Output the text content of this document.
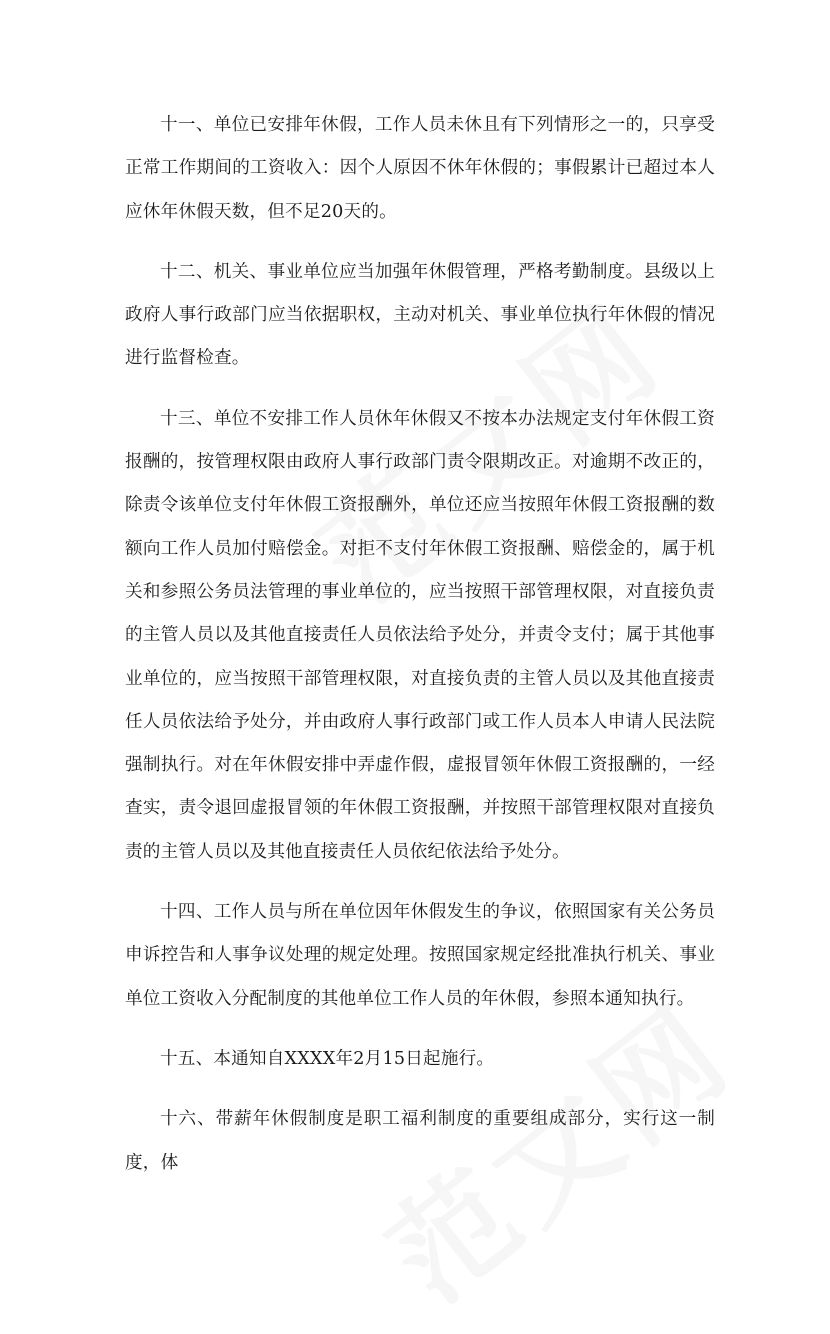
十一、单位已安排年休假，工作人员未休且有下列情形之一的，只享受正常工作期间的工资收入：因个人原因不休年休假的；事假累计已超过本人应休年休假天数，但不足20天的。

十二、机关、事业单位应当加强年休假管理，严格考勤制度。县级以上政府人事行政部门应当依据职权，主动对机关、事业单位执行年休假的情况进行监督检查。

十三、单位不安排工作人员休年休假又不按本办法规定支付年休假工资报酬的，按管理权限由政府人事行政部门责令限期改正。对逾期不改正的，除责令该单位支付年休假工资报酬外，单位还应当按照年休假工资报酬的数额向工作人员加付赔偿金。对拒不支付年休假工资报酬、赔偿金的，属于机关和参照公务员法管理的事业单位的，应当按照干部管理权限，对直接负责的主管人员以及其他直接责任人员依法给予处分，并责令支付；属于其他事业单位的，应当按照干部管理权限，对直接负责的主管人员以及其他直接责任人员依法给予处分，并由政府人事行政部门或工作人员本人申请人民法院强制执行。对在年休假安排中弄虚作假，虚报冒领年休假工资报酬的，一经查实，责令退回虚报冒领的年休假工资报酬，并按照干部管理权限对直接负责的主管人员以及其他直接责任人员依纪依法给予处分。

十四、工作人员与所在单位因年休假发生的争议，依照国家有关公务员申诉控告和人事争议处理的规定处理。按照国家规定经批准执行机关、事业单位工资收入分配制度的其他单位工作人员的年休假，参照本通知执行。

十五、本通知自XXXX年2月15日起施行。

十六、带薪年休假制度是职工福利制度的重要组成部分，实行这一制度，体
